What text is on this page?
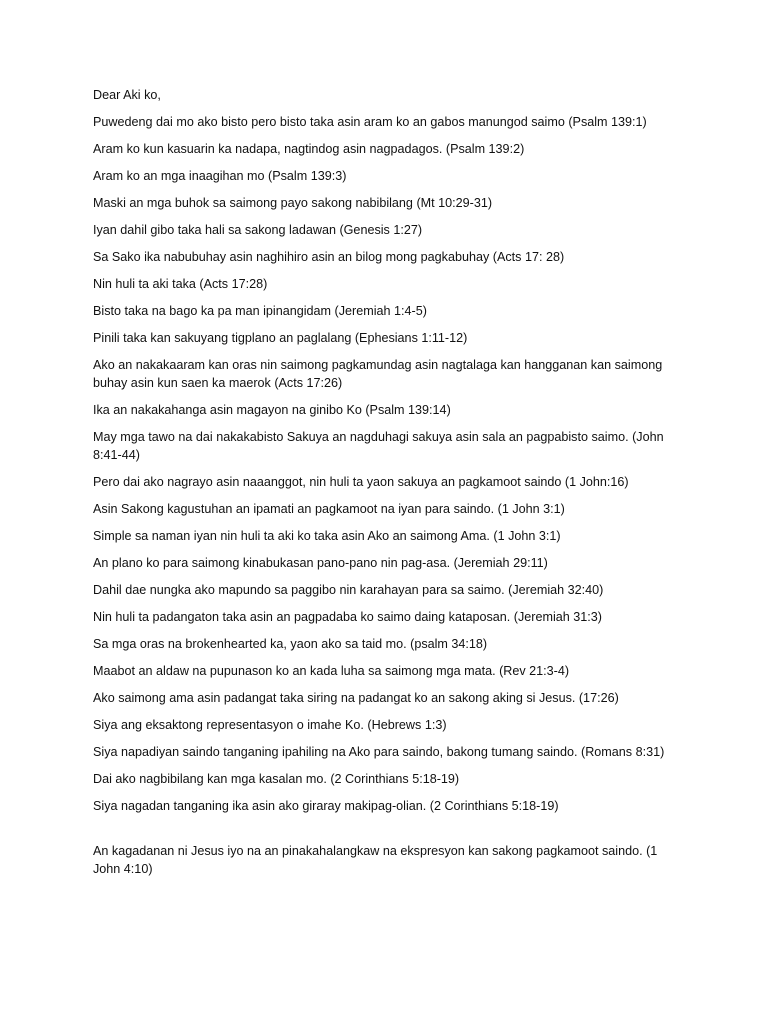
Dear Aki ko,

Puwedeng dai mo ako bisto pero bisto taka asin aram ko an gabos manungod saimo (Psalm 139:1)

Aram ko kun kasuarin ka nadapa, nagtindog asin nagpadagos. (Psalm 139:2)

Aram ko an mga inaagihan mo (Psalm 139:3)

Maski an mga buhok sa saimong payo sakong nabibilang (Mt 10:29-31)

Iyan dahil gibo taka hali sa sakong ladawan (Genesis 1:27)

Sa Sako ika nabubuhay asin naghihiro asin an bilog mong pagkabuhay (Acts 17: 28)

Nin huli ta aki taka (Acts 17:28)

Bisto taka na bago ka pa man ipinangidam (Jeremiah 1:4-5)

Pinili taka kan sakuyang tigplano an paglalang (Ephesians 1:11-12)

Ako an nakakaaram kan oras nin saimong pagkamundag asin nagtalaga kan hangganan kan saimong buhay asin kun saen ka maerok (Acts 17:26)

Ika an nakakahanga asin magayon na ginibo Ko (Psalm 139:14)

May mga tawo na dai nakakabisto Sakuya an nagduhagi sakuya asin sala an pagpabisto saimo. (John 8:41-44)

Pero dai ako nagrayo asin naaanggot, nin huli ta yaon sakuya an pagkamoot saindo (1 John:16)

Asin Sakong kagustuhan an ipamati an pagkamoot na iyan para saindo. (1 John 3:1)

Simple sa naman iyan nin huli ta aki ko taka asin Ako an saimong Ama. (1 John 3:1)

An plano ko para saimong kinabukasan pano-pano nin pag-asa. (Jeremiah 29:11)

Dahil dae nungka ako mapundo sa paggibo nin karahayan para sa saimo. (Jeremiah 32:40)

Nin huli ta padangaton taka asin an pagpadaba ko saimo daing kataposan. (Jeremiah 31:3)

Sa mga oras na brokenhearted ka, yaon ako sa taid mo. (psalm 34:18)

Maabot an aldaw na pupunason ko an kada luha sa saimong mga mata. (Rev 21:3-4)

Ako saimong ama asin padangat taka siring na padangat ko an sakong aking si Jesus. (17:26)

Siya ang eksaktong representasyon o imahe Ko. (Hebrews 1:3)

Siya napadiyan saindo tanganing ipahiling na Ako para saindo, bakong tumang saindo. (Romans 8:31)

Dai ako nagbibilang kan mga kasalan mo. (2 Corinthians 5:18-19)

Siya nagadan tanganing ika asin ako giraray makipag-olian. (2 Corinthians 5:18-19)

An kagadanan ni Jesus iyo na an pinakahalangkaw na ekspresyon kan sakong pagkamoot saindo. (1 John 4:10)
